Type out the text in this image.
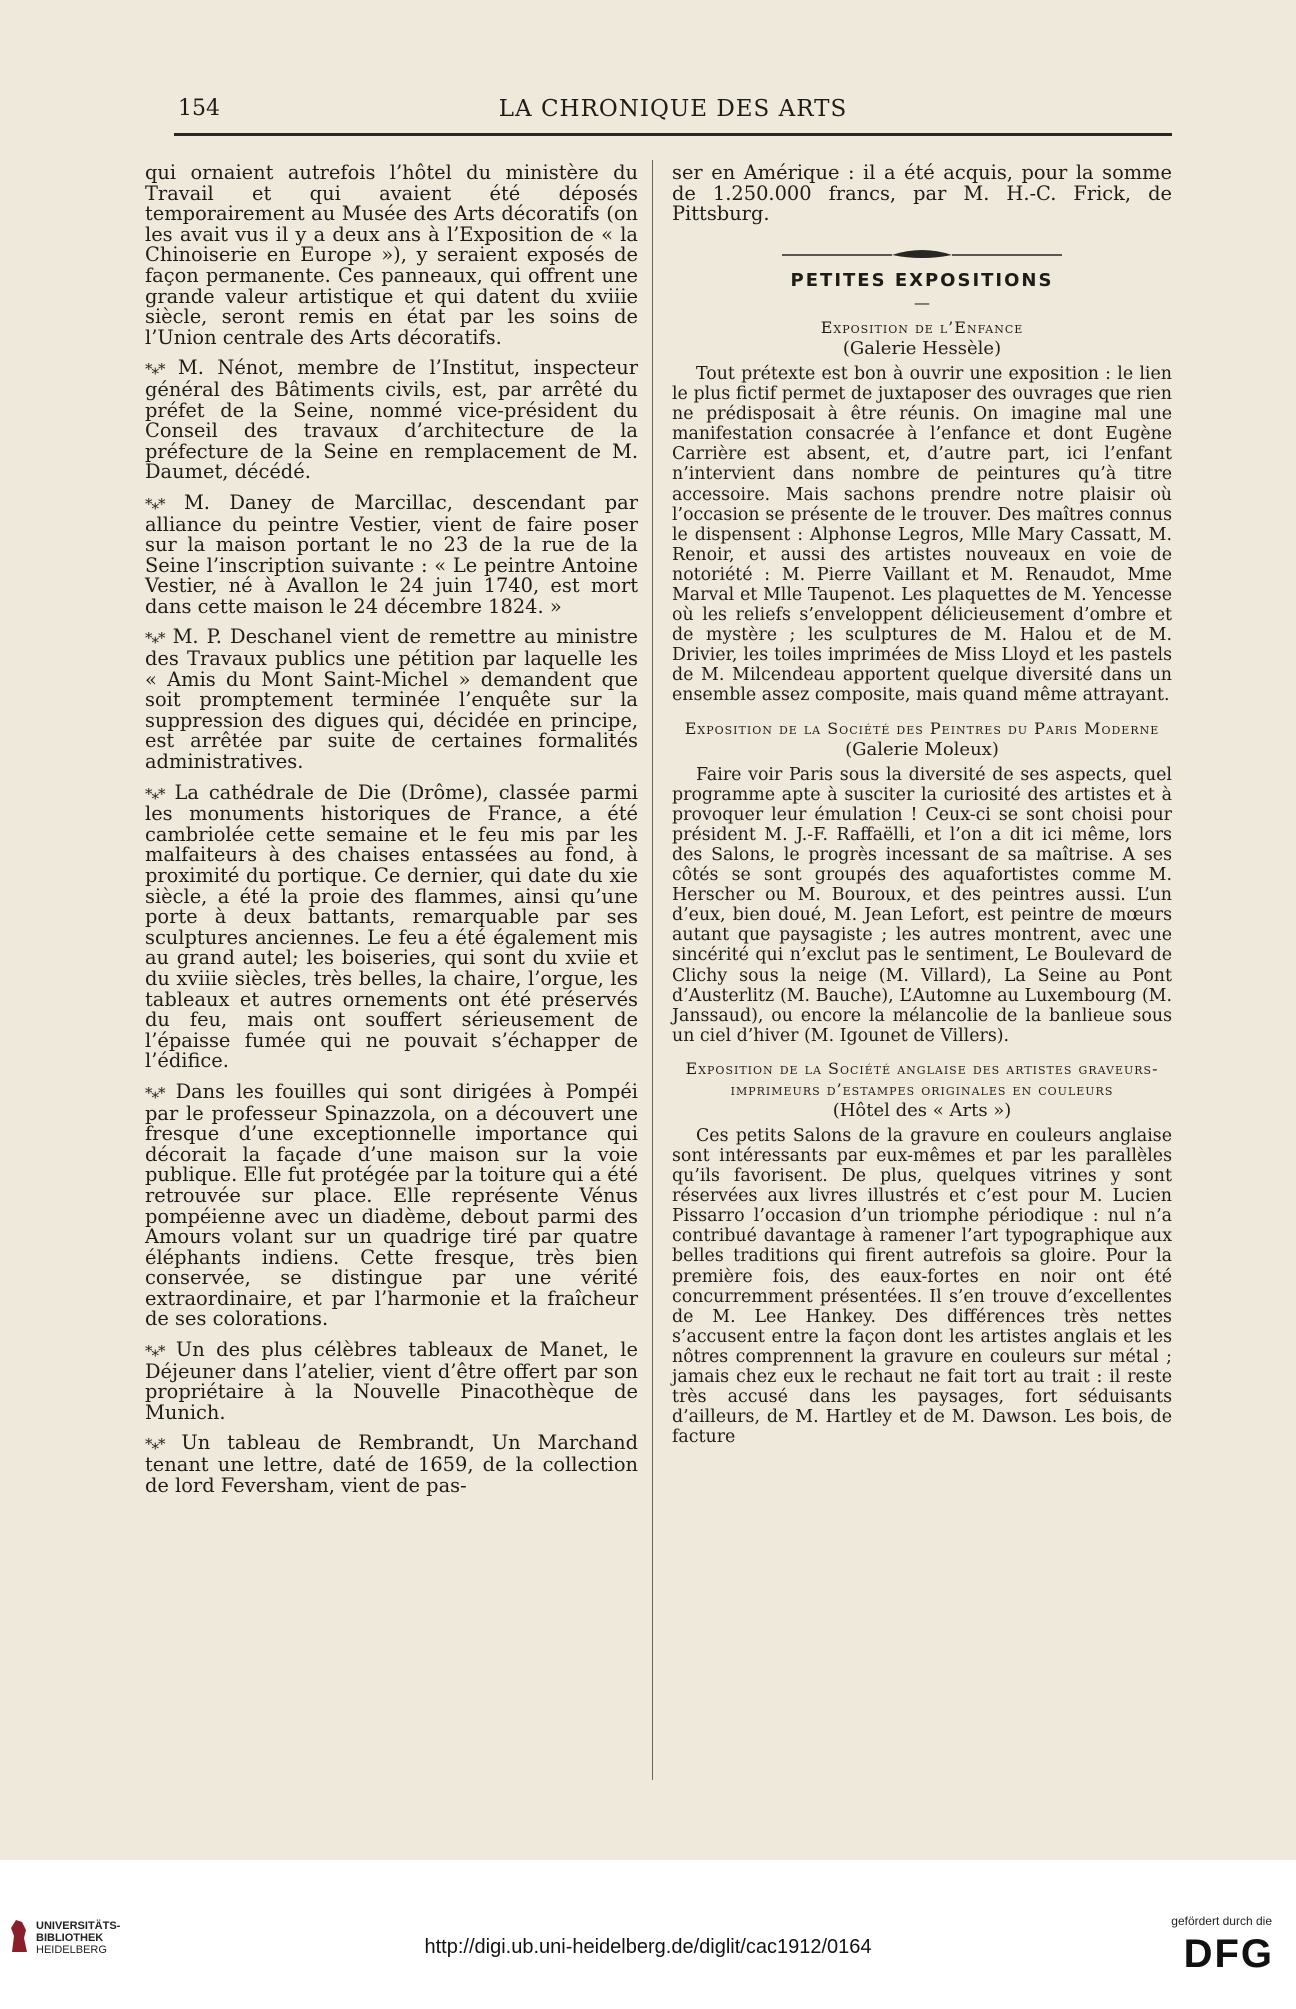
154	LA CHRONIQUE DES ARTS

qui ornaient autrefois l’hôtel du ministère du Travail et qui avaient été déposés temporairement au Musée des Arts décoratifs (on les avait vus il y a deux ans à l’Exposition de « la Chinoiserie en Europe »), y seraient exposés de façon permanente. Ces panneaux, qui offrent une grande valeur artistique et qui datent du xviiie siècle, seront remis en état par les soins de l’Union centrale des Arts décoratifs.

*⁎* M. Nénot, membre de l’Institut, inspecteur général des Bâtiments civils, est, par arrêté du préfet de la Seine, nommé vice-président du Conseil des travaux d’architecture de la préfecture de la Seine en remplacement de M. Daumet, décédé.

*⁎* M. Daney de Marcillac, descendant par alliance du peintre Vestier, vient de faire poser sur la maison portant le no 23 de la rue de la Seine l’inscription suivante : « Le peintre Antoine Vestier, né à Avallon le 24 juin 1740, est mort dans cette maison le 24 décembre 1824. »

*⁎* M. P. Deschanel vient de remettre au ministre des Travaux publics une pétition par laquelle les « Amis du Mont Saint-Michel » demandent que soit promptement terminée l’enquête sur la suppression des digues qui, décidée en principe, est arrêtée par suite de certaines formalités administratives.

*⁎* La cathédrale de Die (Drôme), classée parmi les monuments historiques de France, a été cambriolée cette semaine et le feu mis par les malfaiteurs à des chaises entassées au fond, à proximité du portique. Ce dernier, qui date du xie siècle, a été la proie des flammes, ainsi qu’une porte à deux battants, remarquable par ses sculptures anciennes. Le feu a été également mis au grand autel; les boiseries, qui sont du xviie et du xviiie siècles, très belles, la chaire, l’orgue, les tableaux et autres ornements ont été préservés du feu, mais ont souffert sérieusement de l’épaisse fumée qui ne pouvait s’échapper de l’édifice.

*⁎* Dans les fouilles qui sont dirigées à Pompéi par le professeur Spinazzola, on a découvert une fresque d’une exceptionnelle importance qui décorait la façade d’une maison sur la voie publique. Elle fut protégée par la toiture qui a été retrouvée sur place. Elle représente Vénus pompéienne avec un diadème, debout parmi des Amours volant sur un quadrige tiré par quatre éléphants indiens. Cette fresque, très bien conservée, se distingue par une vérité extraordinaire, et par l’harmonie et la fraîcheur de ses colorations.

*⁎* Un des plus célèbres tableaux de Manet, le Déjeuner dans l’atelier, vient d’être offert par son propriétaire à la Nouvelle Pinacothèque de Munich.

*⁎* Un tableau de Rembrandt, Un Marchand tenant une lettre, daté de 1659, de la collection de lord Feversham, vient de pas-

ser en Amérique : il a été acquis, pour la somme de 1.250.000 francs, par M. H.-C. Frick, de Pittsburg.

PETITES EXPOSITIONS
—
Exposition de l’Enfance
(Galerie Hessèle)

Tout prétexte est bon à ouvrir une exposition : le lien le plus fictif permet de juxtaposer des ouvrages que rien ne prédisposait à être réunis. On imagine mal une manifestation consacrée à l’enfance et dont Eugène Carrière est absent, et, d’autre part, ici l’enfant n’intervient dans nombre de peintures qu’à titre accessoire. Mais sachons prendre notre plaisir où l’occasion se présente de le trouver. Des maîtres connus le dispensent : Alphonse Legros, Mlle Mary Cassatt, M. Renoir, et aussi des artistes nouveaux en voie de notoriété : M. Pierre Vaillant et M. Renaudot, Mme Marval et Mlle Taupenot. Les plaquettes de M. Yencesse où les reliefs s’enveloppent délicieusement d’ombre et de mystère ; les sculptures de M. Halou et de M. Drivier, les toiles imprimées de Miss Lloyd et les pastels de M. Milcendeau apportent quelque diversité dans un ensemble assez composite, mais quand même attrayant.

Exposition de la Société des Peintres du Paris Moderne
(Galerie Moleux)

Faire voir Paris sous la diversité de ses aspects, quel programme apte à susciter la curiosité des artistes et à provoquer leur émulation ! Ceux-ci se sont choisi pour président M. J.-F. Raffaëlli, et l’on a dit ici même, lors des Salons, le progrès incessant de sa maîtrise. A ses côtés se sont groupés des aquafortistes comme M. Herscher ou M. Bouroux, et des peintres aussi. L’un d’eux, bien doué, M. Jean Lefort, est peintre de mœurs autant que paysagiste ; les autres montrent, avec une sincérité qui n’exclut pas le sentiment, Le Boulevard de Clichy sous la neige (M. Villard), La Seine au Pont d’Austerlitz (M. Bauche), L’Automne au Luxembourg (M. Janssaud), ou encore la mélancolie de la banlieue sous un ciel d’hiver (M. Igounet de Villers).

Exposition de la Société anglaise des artistes graveurs-imprimeurs d’estampes originales en couleurs
(Hôtel des « Arts »)

Ces petits Salons de la gravure en couleurs anglaise sont intéressants par eux-mêmes et par les parallèles qu’ils favorisent. De plus, quelques vitrines y sont réservées aux livres illustrés et c’est pour M. Lucien Pissarro l’occasion d’un triomphe périodique : nul n’a contribué davantage à ramener l’art typographique aux belles traditions qui firent autrefois sa gloire. Pour la première fois, des eaux-fortes en noir ont été concurremment présentées. Il s’en trouve d’excellentes de M. Lee Hankey. Des différences très nettes s’accusent entre la façon dont les artistes anglais et les nôtres comprennent la gravure en couleurs sur métal ; jamais chez eux le rechaut ne fait tort au trait : il reste très accusé dans les paysages, fort séduisants d’ailleurs, de M. Hartley et de M. Dawson. Les bois, de facture

UNIVERSITÄTS-
BIBLIOTHEK
HEIDELBERG	http://digi.ub.uni-heidelberg.de/diglit/cac1912/0164
gefördert durch die
DFG
